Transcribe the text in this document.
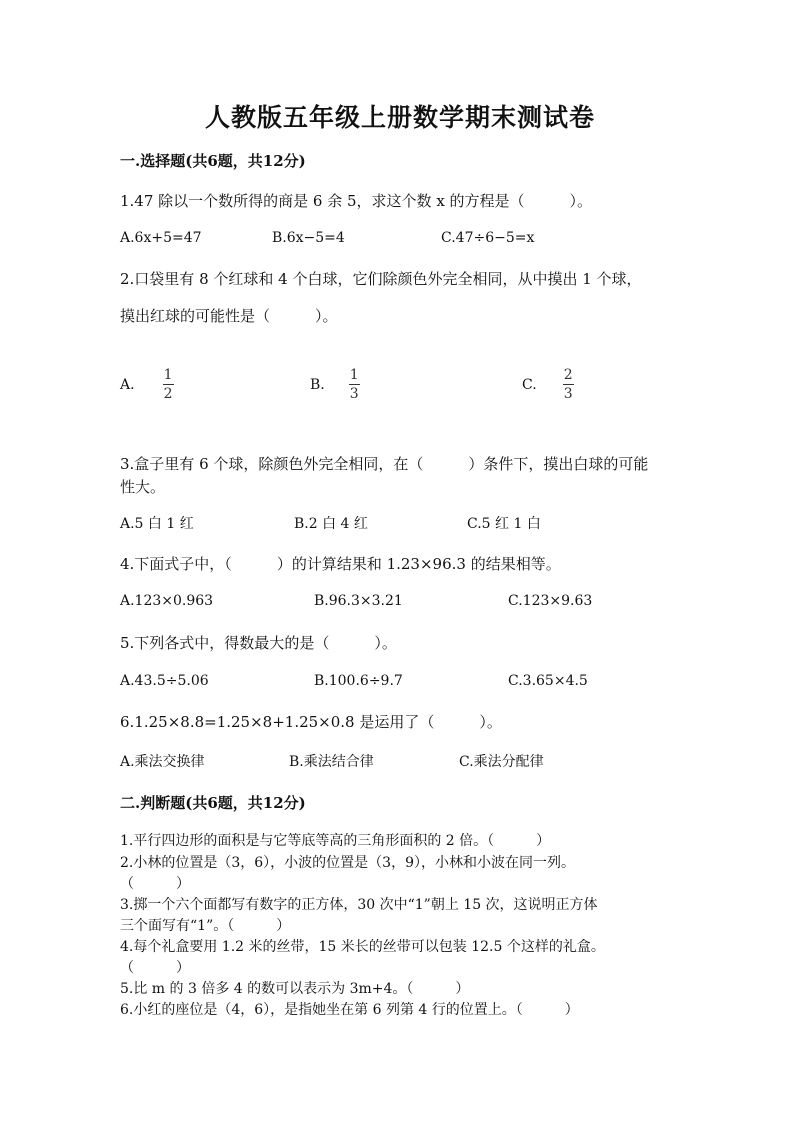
人教版五年级上册数学期末测试卷
一.选择题(共6题，共12分)
1.47 除以一个数所得的商是 6 余 5，求这个数 x 的方程是（　　　）。
A.6x+5=47	B.6x−5=4	C.47÷6−5=x
2.口袋里有 8 个红球和 4 个白球，它们除颜色外完全相同，从中摸出 1 个球，
摸出红球的可能性是（　　　）。
A. $\frac{1}{2}$	B. $\frac{1}{3}$	C. $\frac{2}{3}$
3.盒子里有 6 个球，除颜色外完全相同，在（　　　）条件下，摸出白球的可能
性大。
A.5 白 1 红	B.2 白 4 红	C.5 红 1 白
4.下面式子中，（　　　）的计算结果和 1.23×96.3 的结果相等。
A.123×0.963	B.96.3×3.21	C.123×9.63
5.下列各式中，得数最大的是（　　　）。
A.43.5÷5.06	B.100.6÷9.7	C.3.65×4.5
6.1.25×8.8=1.25×8+1.25×0.8 是运用了（　　　）。
A.乘法交换律	B.乘法结合律	C.乘法分配律
二.判断题(共6题，共12分)
1.平行四边形的面积是与它等底等高的三角形面积的 2 倍。（　　　）
2.小林的位置是（3，6），小波的位置是（3，9），小林和小波在同一列。
（　　　）
3.掷一个六个面都写有数字的正方体，30 次中“1”朝上 15 次，这说明正方体
三个面写有“1”。（　　　）
4.每个礼盒要用 1.2 米的丝带，15 米长的丝带可以包装 12.5 个这样的礼盒。
（　　　）
5.比 m 的 3 倍多 4 的数可以表示为 3m+4。（　　　）
6.小红的座位是（4，6），是指她坐在第 6 列第 4 行的位置上。（　　　）
